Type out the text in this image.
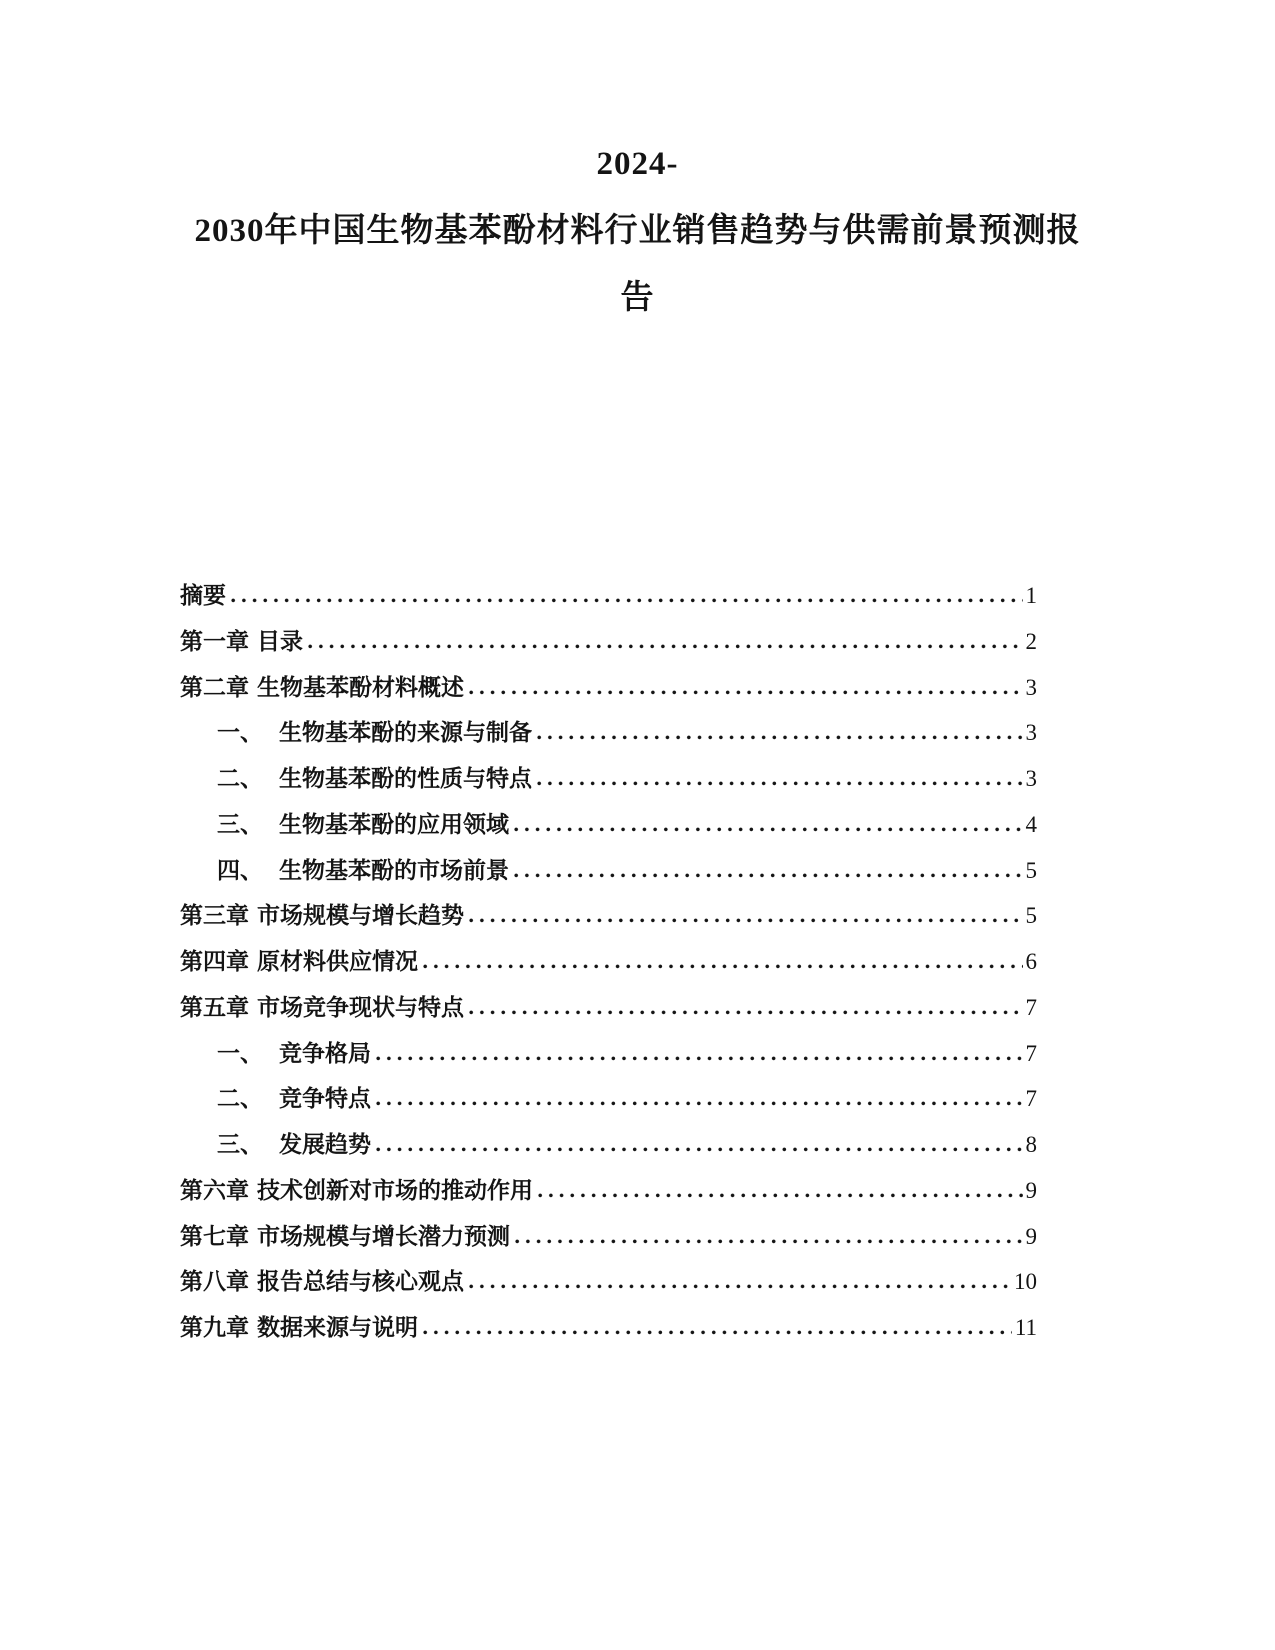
2024-
2030年中国生物基苯酚材料行业销售趋势与供需前景预测报
告
摘要	1
第一章 目录	2
第二章 生物基苯酚材料概述	3
一、 生物基苯酚的来源与制备	3
二、 生物基苯酚的性质与特点	3
三、 生物基苯酚的应用领域	4
四、 生物基苯酚的市场前景	5
第三章 市场规模与增长趋势	5
第四章 原材料供应情况	6
第五章 市场竞争现状与特点	7
一、 竞争格局	7
二、 竞争特点	7
三、 发展趋势	8
第六章 技术创新对市场的推动作用	9
第七章 市场规模与增长潜力预测	9
第八章 报告总结与核心观点	10
第九章 数据来源与说明	11
